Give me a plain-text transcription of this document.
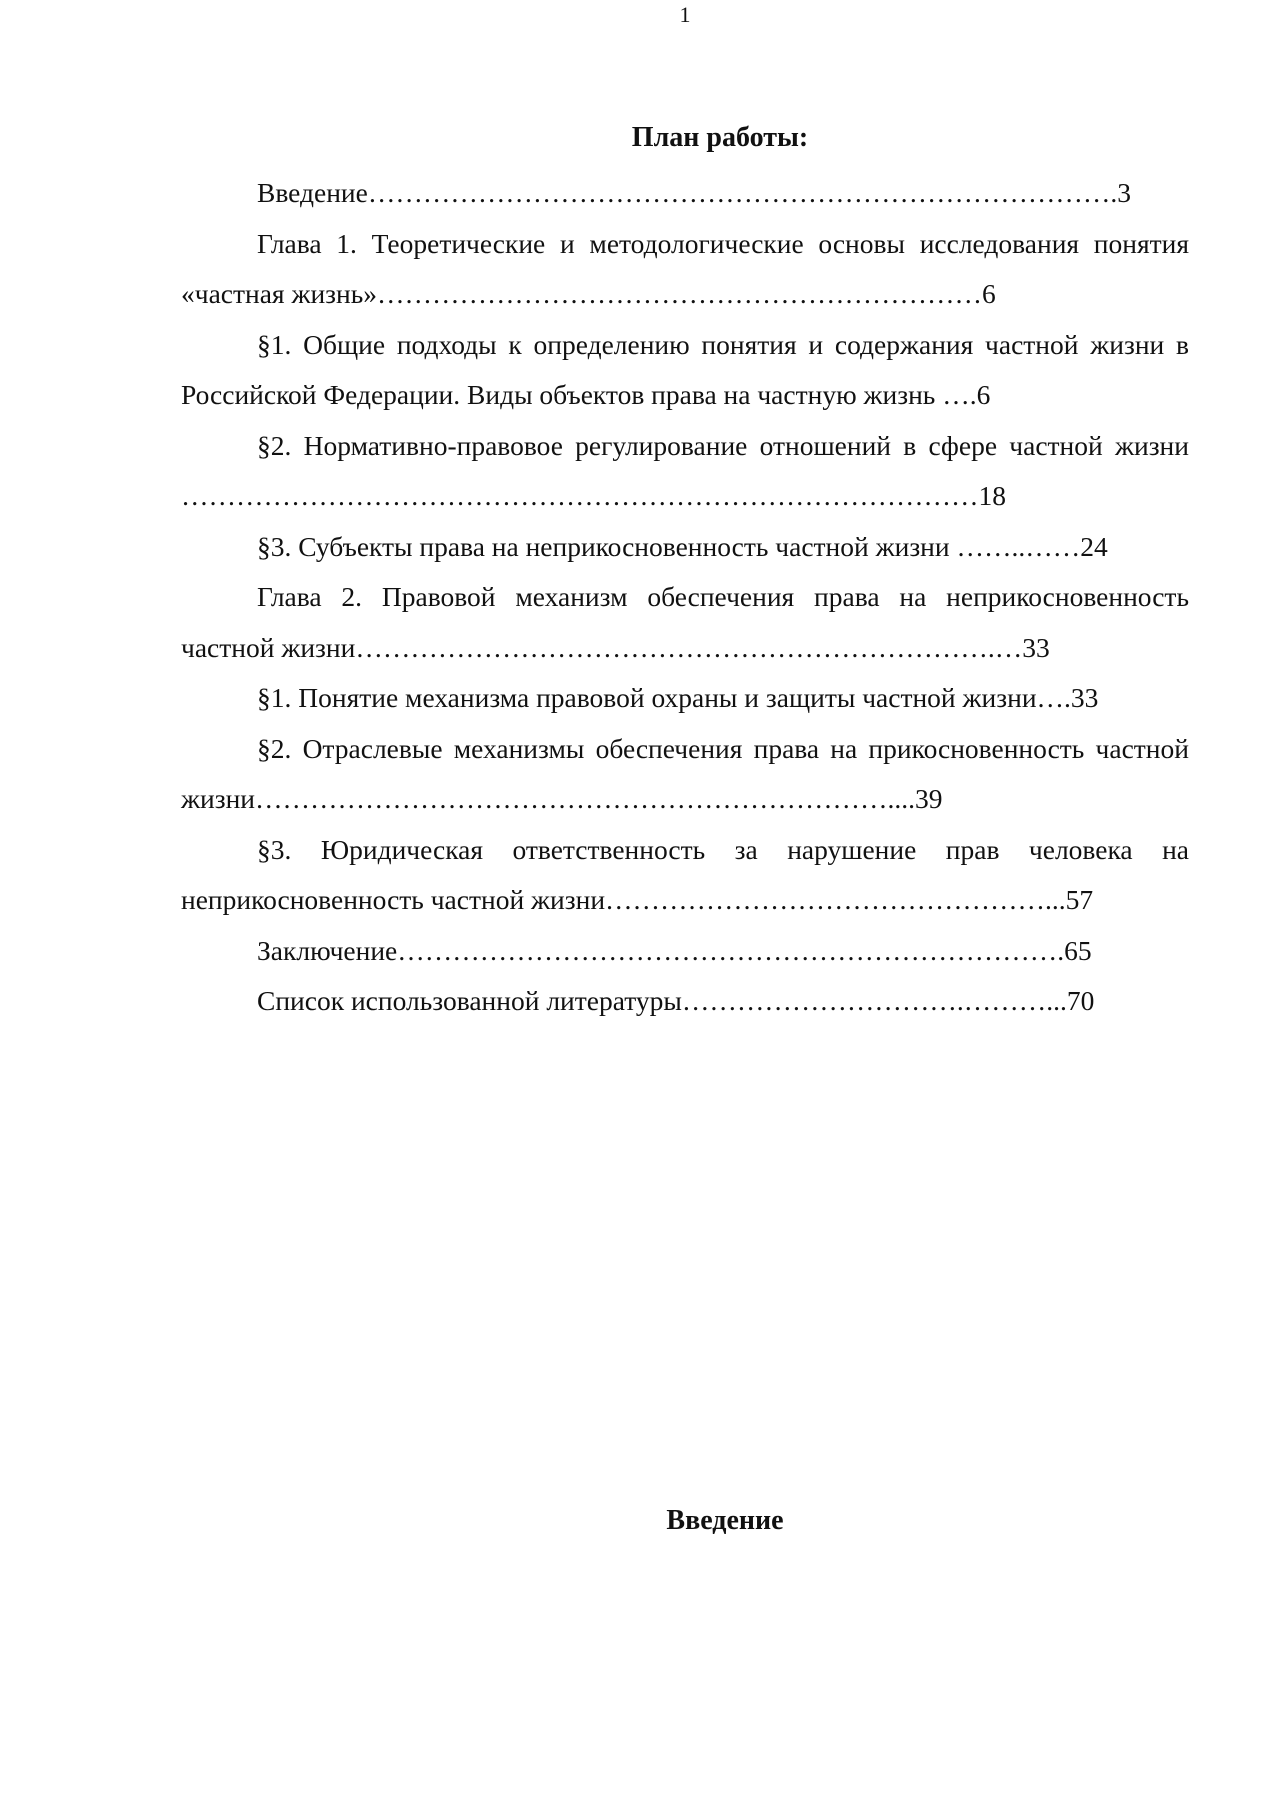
1
План работы:

Введение……………………………………………………………………….3

Глава 1. Теоретические и методологические основы исследования понятия «частная жизнь»…………………………………………………………6

§1. Общие подходы к определению понятия и содержания частной жизни в Российской Федерации. Виды объектов права на частную жизнь ….6

§2. Нормативно-правовое регулирование отношений в сфере частной жизни ……………………………………………………………………………18

§3. Субъекты права на неприкосновенность частной жизни ……..……24

Глава 2. Правовой механизм обеспечения права на неприкосновенность частной жизни…………………………………………………………….…33

§1. Понятие механизма правовой охраны и защиты частной жизни….33

§2. Отраслевые механизмы обеспечения права на прикосновенность частной жизни……………………………………………………………....39

§3. Юридическая ответственность за нарушение прав человека на неприкосновенность частной жизни…………………………………………...57

Заключение……………………………………………………………….65

Список использованной литературы………………………….………...70

Введение
